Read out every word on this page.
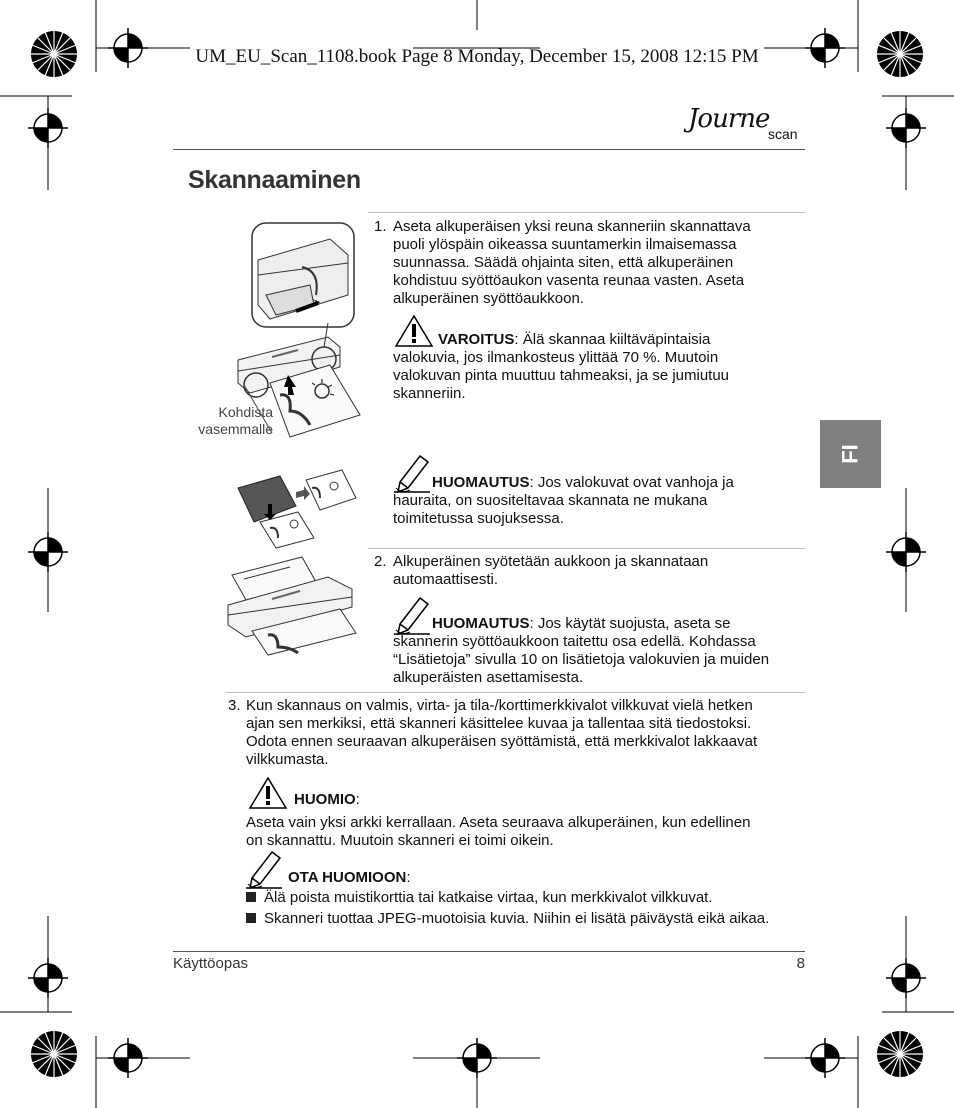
UM_EU_Scan_1108.book Page 8 Monday, December 15, 2008 12:15 PM
Journe
scan
Skannaaminen
FI
Kohdista
vasemmalle
1. Aseta alkuperäisen yksi reuna skanneriin skannattava
puoli ylöspäin oikeassa suuntamerkin ilmaisemassa
suunnassa. Säädä ohjainta siten, että alkuperäinen
kohdistuu syöttöaukon vasenta reunaa vasten. Aseta
alkuperäinen syöttöaukkoon.
VAROITUS: Älä skannaa kiiltäväpintaisia
valokuvia, jos ilmankosteus ylittää 70 %. Muutoin
valokuvan pinta muuttuu tahmeaksi, ja se jumiutuu
skanneriin.
HUOMAUTUS: Jos valokuvat ovat vanhoja ja
hauraita, on suositeltavaa skannata ne mukana
toimitetussa suojuksessa.
2. Alkuperäinen syötetään aukkoon ja skannataan
automaattisesti.
HUOMAUTUS: Jos käytät suojusta, aseta se
skannerin syöttöaukkoon taitettu osa edellä. Kohdassa
“Lisätietoja” sivulla 10 on lisätietoja valokuvien ja muiden
alkuperäisten asettamisesta.
3. Kun skannaus on valmis, virta- ja tila-/korttimerkkivalot vilkkuvat vielä hetken
ajan sen merkiksi, että skanneri käsittelee kuvaa ja tallentaa sitä tiedostoksi.
Odota ennen seuraavan alkuperäisen syöttämistä, että merkkivalot lakkaavat
vilkkumasta.
HUOMIO:
Aseta vain yksi arkki kerrallaan. Aseta seuraava alkuperäinen, kun edellinen
on skannattu. Muutoin skanneri ei toimi oikein.
OTA HUOMIOON:
Älä poista muistikorttia tai katkaise virtaa, kun merkkivalot vilkkuvat.
Skanneri tuottaa JPEG-muotoisia kuvia. Niihin ei lisätä päiväystä eikä aikaa.
Käyttöopas	8
